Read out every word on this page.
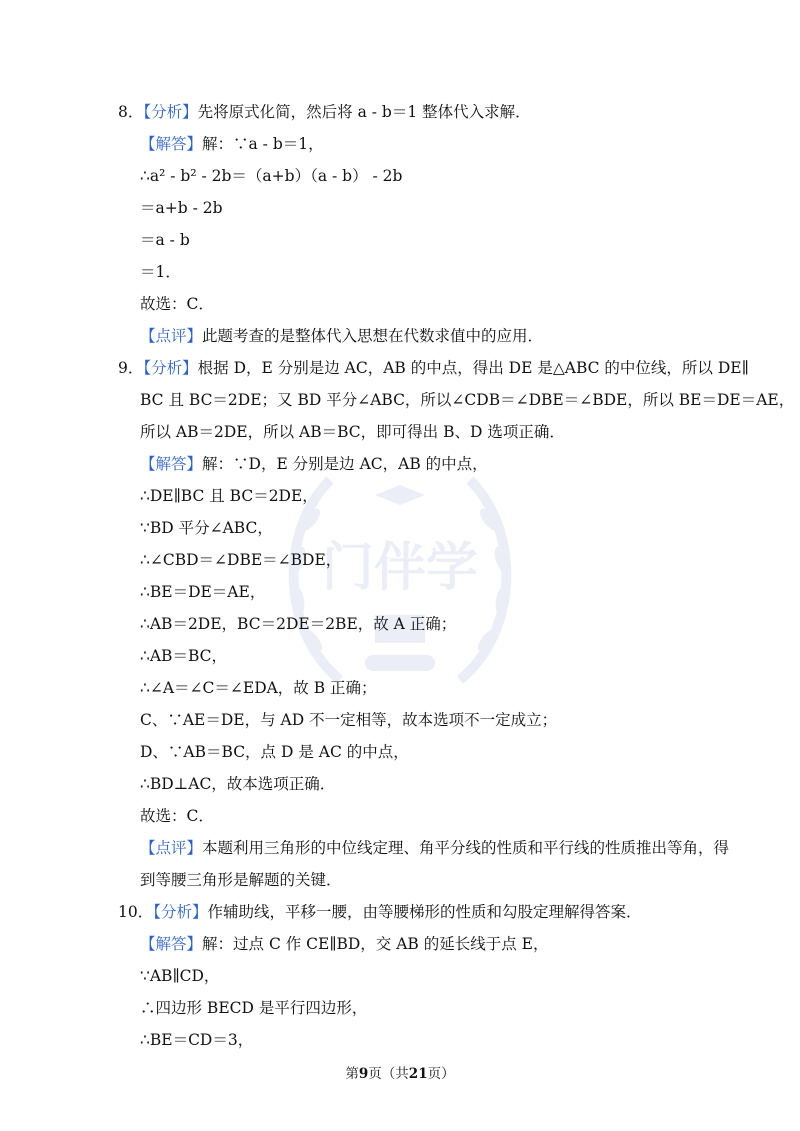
门伴学
8．【分析】先将原式化简，然后将 a - b＝1 整体代入求解．
【解答】解：∵a - b＝1，
∴a² - b² - 2b＝（a+b）（a - b） - 2b
＝a+b - 2b
＝a - b
＝1．
故选：C．
【点评】此题考查的是整体代入思想在代数求值中的应用．
9．【分析】根据 D，E 分别是边 AC，AB 的中点，得出 DE 是△ABC 的中位线，所以 DE∥
BC 且 BC＝2DE；又 BD 平分∠ABC，所以∠CDB＝∠DBE＝∠BDE，所以 BE＝DE＝AE，
所以 AB＝2DE，所以 AB＝BC，即可得出 B、D 选项正确．
【解答】解：∵D，E 分别是边 AC，AB 的中点，
∴DE∥BC 且 BC＝2DE，
∵BD 平分∠ABC，
∴∠CBD＝∠DBE＝∠BDE，
∴BE＝DE＝AE，
∴AB＝2DE，BC＝2DE＝2BE，故 A 正确；
∴AB＝BC，
∴∠A＝∠C＝∠EDA，故 B 正确；
C、∵AE＝DE，与 AD 不一定相等，故本选项不一定成立；
D、∵AB＝BC，点 D 是 AC 的中点，
∴BD⊥AC，故本选项正确．
故选：C．
【点评】本题利用三角形的中位线定理、角平分线的性质和平行线的性质推出等角，得
到等腰三角形是解题的关键．
10．【分析】作辅助线，平移一腰，由等腰梯形的性质和勾股定理解得答案．
【解答】解：过点 C 作 CE∥BD，交 AB 的延长线于点 E，
∵AB∥CD，
∴四边形 BECD 是平行四边形，
∴BE＝CD＝3，
第9页（共21页）
